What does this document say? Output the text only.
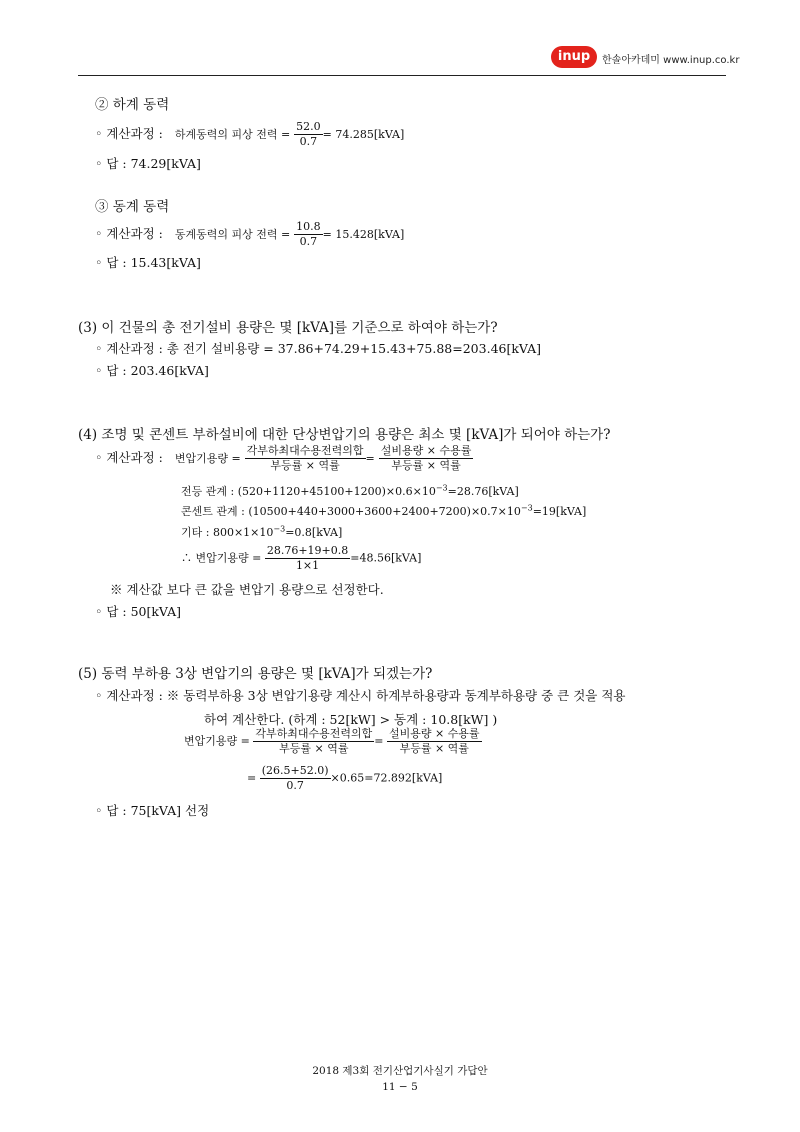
inup	한솔아카데미 www.inup.co.kr
② 하계 동력
◦ 계산과정 : 하계동력의 피상 전력 = $\frac{52.0}{0.7} = 74.285[kVA]$
◦ 답 : 74.29[kVA]
③ 동계 동력
◦ 계산과정 : 동계동력의 피상 전력 = $\frac{10.8}{0.7} = 15.428[kVA]$
◦ 답 : 15.43[kVA]
(3) 이 건물의 총 전기설비 용량은 몇 [kVA]를 기준으로 하여야 하는가?
◦ 계산과정 : 총 전기 설비용량 = 37.86+74.29+15.43+75.88=203.46[kVA]
◦ 답 : 203.46[kVA]
(4) 조명 및 콘센트 부하설비에 대한 단상변압기의 용량은 최소 몇 [kVA]가 되어야 하는가?
◦ 계산과정 : 변압기용량 = $\frac{\text{각부하최대수용전력의합}}{\text{부등률 × 역률}} = \frac{\text{설비용량 × 수용률}}{\text{부등률 × 역률}}$
전등 관계 : $(520+1120+45100+1200)\times 0.6\times 10^{-3}=28.76[kVA]$
콘센트 관계 : $(10500+440+3000+3600+2400+7200)\times 0.7\times 10^{-3}=19[kVA]$
기타 : $800\times 1\times 10^{-3}=0.8[kVA]$
∴ 변압기용량 = $\frac{28.76+19+0.8}{1\times 1} =48.56[kVA]$
※ 계산값 보다 큰 값을 변압기 용량으로 선정한다.
◦ 답 : 50[kVA]
(5) 동력 부하용 3상 변압기의 용량은 몇 [kVA]가 되겠는가?
◦ 계산과정 : ※ 동력부하용 3상 변압기용량 계산시 하계부하용량과 동계부하용량 중 큰 것을 적용
하여 계산한다. (하계 : 52[kW] > 동계 : 10.8[kW] )
변압기용량 = $\frac{\text{각부하최대수용전력의합}}{\text{부등률 × 역률}} = \frac{\text{설비용량 × 수용률}}{\text{부등률 × 역률}}$
= $\frac{(26.5+52.0)}{0.7} \times 0.65=72.892[kVA]$
◦ 답 : 75[kVA] 선정
2018 제3회 전기산업기사실기 가답안
11 − 5
